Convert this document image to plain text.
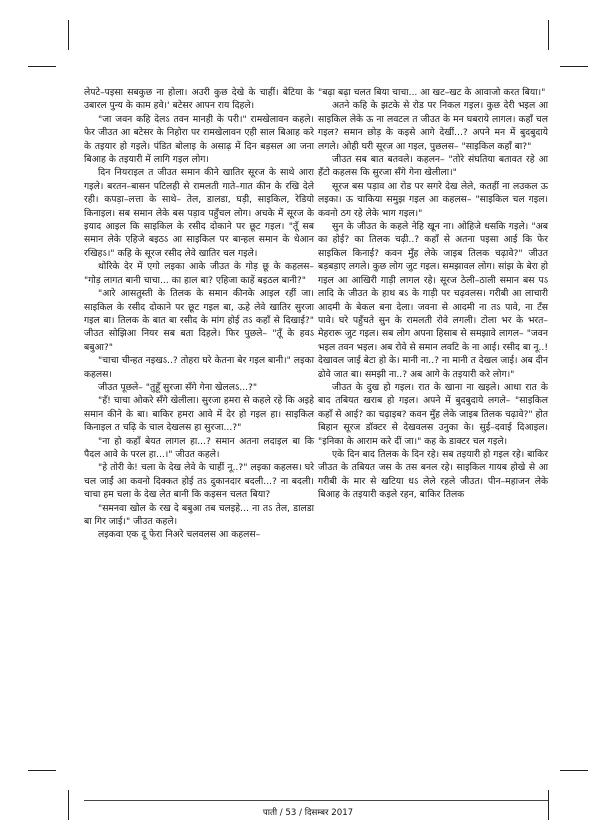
लेपटे–पइसा सबकुछ ना होला। अउरी कुछ देखे के चाहीं। बेटिया के उबारल पुन्य के काम हवे।' बटेसर आपन राय दिहले।

"जा जवन कहि देलऽ तवन मानही के परी।" रामखेलावन कहले। फेर जीउत आ बटेसर के निहोरा पर रामखेलावन एही साल बिआह करे के तइयार हो गइले। पंडित बोलाइ के असाढ़ में दिन बड़सल आ जना बिआह के तइयारी में लागि गइल लोग।

दिन नियराइल त जीउत समान कीने खातिर सूरज के साथे आरा गइले। बरतन–बासन पटिलही से रामलती गाते–गात कीन के रखि देले रही। कपड़ा–लत्ता के साथे– तेल, डालडा, घड़ी, साइकिल, रेडियो किनाइल। सब समान लेके बस पड़ाव पहुँचल लोग। अचके में सूरज के इयाद आइल कि साइकिल के रसीद दोकाने पर छूट गइल। "तूँ सब समान लेके एहिजे बइठऽ आ साइकिल पर बान्हल समान के धेआन रखिहऽ।" कहि के सूरज रसीद लेवे खातिर चल गइले।

थोरिके देर में एगो लइका आके जीउत के गोड़ छू के कहलस– "गोड़ लागत बानी चाचा... का हाल बा? एहिजा काहें बइठल बानी?"

"आरे आसतुस्ती के तिलक के समान कीनके आइल रहीं जा। साइकिल के रसीद दोकाने पर छूट गइल बा, ऊहे लेवे खातिर सुरजा गइल बा। तिलक के बात बा रसीद के मांग होई तऽ कहाँ से दिखाई?" जीउत सोझिआ नियर सब बता दिहले। फिर पुछले– "तूँ के हवऽ बबुआ?"

"चाचा चीन्हत नइखऽ..? तोहरा घरे केतना बेर गइल बानी।" लइका कहलस।

जीउत पूछले– "तुहूँ सुरजा सँगे गेना खेललऽ...?"

"हँ! चाचा ओकरे सँगे खेलीला। सुरजा हमरा से कहले रहे कि अइहे समान कीने के बा। बाकिर हमरा आवे में देर हो गइल हा। साइकिल किनाइल त चढ़ि के चाल देखलस हा सुरजा...?"

"ना हो कहाँ बेयत लागल हा...? समान अतना लदाइल बा कि पैदल आवे के परल हा...।" जीउत कहले।

"हे तोरी के! चला के देख लेवे के चाहीं नू..?" लइका कहलस। घरे चल जाईं आ कवनो दिक्कत होई तऽ दुकानदार बदली...? ना बदली। चाचा हम चला के देख लेत बानी कि कइसन चलत बिया?

"समनवा खोल के रख दे बबुआ तब चलइहे... ना तऽ तेल, डालडा बा गिर जाई।" जीउत कहले।

लइकवा एक दू फेरा निअरे चलवलस आ कहलस–

"बढ़ा बढ़ा चलत बिया चाचा... आ खट–खट के आवाजो करत बिया।"

अतने कहि के झटके से रोड पर निकल गइल। कुछ देरी भइल आ साइकिल लेके ऊ ना लवटल त जीउत के मन घबराये लागल। कहाँ चल गइल? समान छोड़ के कइसे आगे देखीं...? अपने मन में बुदबुदाये लगले। ओही घरी सूरज आ गइल, पुछलस– "साइकिल कहाँ बा?"

जीउत सब बात बतवले। कहलन– "तोरे संघतिया बतावत रहे आ हँटो कहलस कि सुरजा सँगे गेना खेलीला।"

सूरज बस पड़ाव आ रोड पर सगरे देख लेले, कतहीं ना लउकल ऊ लइका। ऊ चाकिया समुझ गइल आ कहलस– "साइकिल चल गइल। कवनो ठग रहे लेके भाग गइल।"

सुन के जीउत के कहले नेहि खून ना। ओहिजे धसकि गइले। "अब का होई? का तिलक चढ़ी..? कहाँ से अतना पइसा आई कि फेर साइकिल किनाई? कवन मुँह लेके जाइब तिलक चढ़ावे?" जीउत बड़बड़ाए लगले। कुछ लोग जुट गइल। समझावल लोग। सांझ के बेरा हो गइल आ आखिरी गाड़ी लागल रहे। सूरज ठेली–ठाली समान बस पऽ लादि के जीउत के हाथ बऽ के गाड़ी पर चढ़वलस। गरीबी आ लाचारी आदमी के बेकल बना देला। जवना से आदमी ना तऽ पावे, ना टँस पावे। घरे पहुँचते सुन के रामलती रोवे लगली। टोला भर के भरत–मेहरारू जुट गइल। सब लोग अपना हिसाब से समझावे लागल– "जवन भइल तवन भइल। अब रोवे से समान लवटि के ना आई। रसीद बा नू..! देखावल जाई बेटा हो के। मानी ना..? ना मानी त देखल जाई। अब दीन ढोवे जात बा। समझी ना..? अब आगे के तइयारी करे लोग।"

जीउत के दुख हो गइल। रात के खाना ना खइले। आधा रात के बाद तबियत खराब हो गइल। अपने में बुदबुदाये लगले– "साइकिल कहाँ से आई? का चढ़ाइब? कवन मुँह लेके जाइब तिलक चढ़ावे?" होत बिहान सूरज डॉक्टर से देखवलस उनुका के। सुई–दवाई दिआइल। "इनिका के आराम करे दीं जा।" कह के डाक्टर चल गइले।

एके दिन बाद तिलक के दिन रहे। सब तइयारी हो गइल रहे। बाकिर जीउत के तबियत जस के तस बनल रहे। साइकिल गायब होखे से आ गरीबी के मार से खटिया धऽ लेले रहले जीउत। पीन–महाजन लेके बिआह के तइयारी कइले रहन, बाकिर तिलक

पाती / 53 / दिसम्बर 2017
